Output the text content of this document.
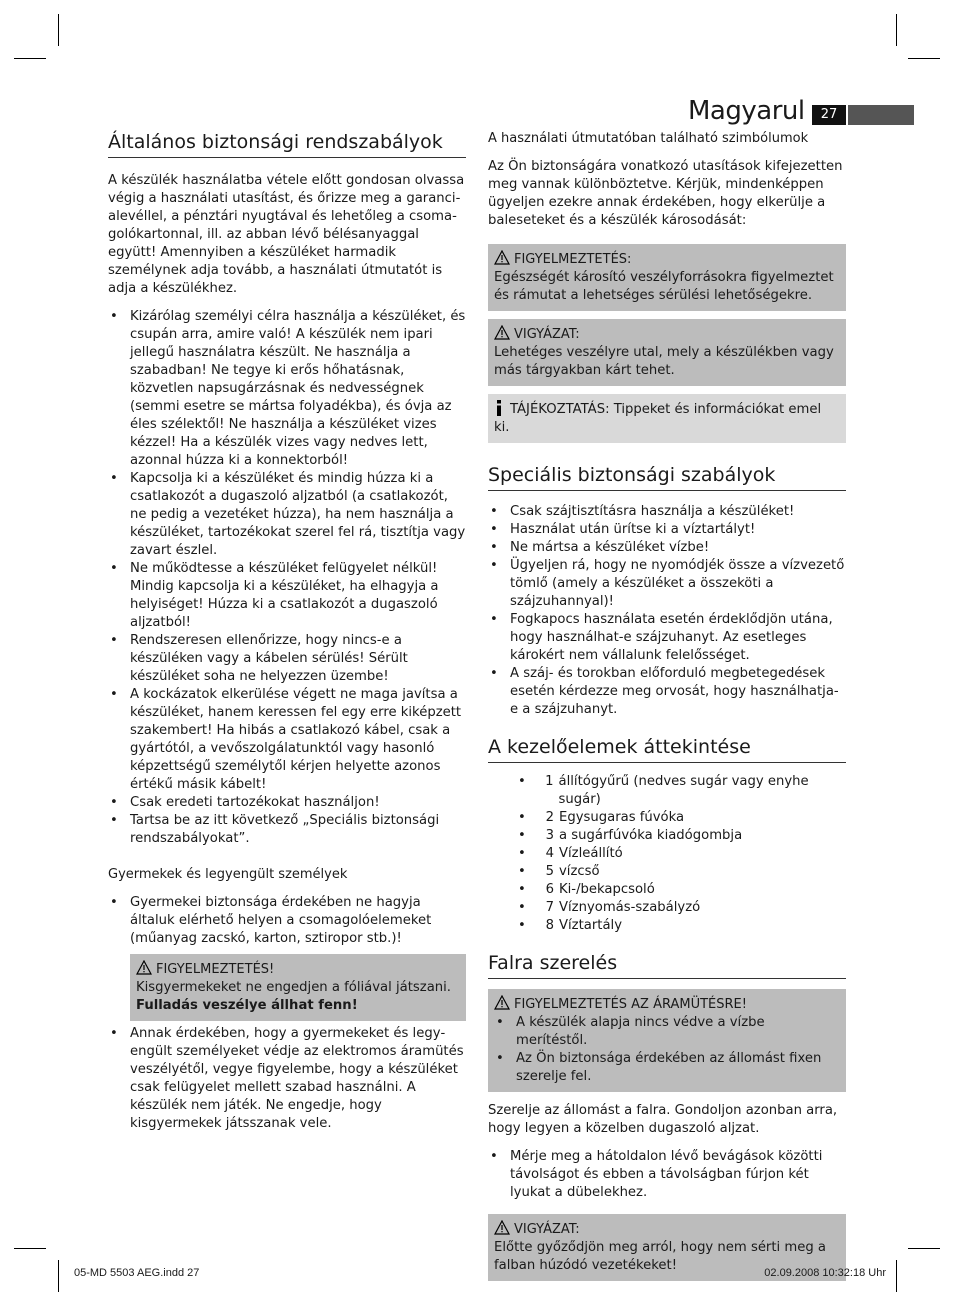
Magyarul	27
Általános biztonsági rendszabályok

A készülék használatba vétele előtt gondosan olvassa végig a használati utasítást, és őrizze meg a garancialevéllel, a pénztári nyugtával és lehetőleg a csomagolókartonnal, ill. az abban lévő bélésanyaggal együtt! Amennyiben a készüléket harmadik személynek adja tovább, a használati útmutatót is adja a készülékhez.

• Kizárólag személyi célra használja a készüléket, és csupán arra, amire való! A készülék nem ipari jellegű használatra készült. Ne használja a szabadban! Ne tegye ki erős hőhatásnak, közvetlen napsugárzásnak és nedvességnek (semmi esetre se mártsa folyadékba), és óvja az éles szélektől! Ne használja a készüléket vizes kézzel! Ha a készülék vizes vagy nedves lett, azonnal húzza ki a konnektorból!
• Kapcsolja ki a készüléket és mindig húzza ki a csatlakozót a dugaszoló aljzatból (a csatlakozót, ne pedig a vezetéket húzza), ha nem használja a készüléket, tartozékokat szerel fel rá, tisztítja vagy zavart észlel.
• Ne működtesse a készüléket felügyelet nélkül! Mindig kapcsolja ki a készüléket, ha elhagyja a helyiséget! Húzza ki a csatlakozót a dugaszoló aljzatból!
• Rendszeresen ellenőrizze, hogy nincs-e a készüléken vagy a kábelen sérülés! Sérült készüléket soha ne helyezzen üzembe!
• A kockázatok elkerülése végett ne maga javítsa a készüléket, hanem keressen fel egy erre kiképzett szakembert! Ha hibás a csatlakozó kábel, csak a gyártótól, a vevőszolgálatunktól vagy hasonló képzettségű személytől kérjen helyette azonos értékű másik kábelt!
• Csak eredeti tartozékokat használjon!
• Tartsa be az itt következő „Speciális biztonsági rendszabályokat”.
Gyermekek és legyengült személyek
• Gyermekei biztonsága érdekében ne hagyja általuk elérhető helyen a csomagolóelemeket (műanyag zacskó, karton, sztiropor stb.)!
FIGYELMEZTETÉS!
Kisgyermekeket ne engedjen a fóliával játszani.
Fulladás veszélye állhat fenn!
• Annak érdekében, hogy a gyermekeket és legyengült személyeket védje az elektromos áramütés veszélyétől, vegye figyelembe, hogy a készüléket csak felügyelet mellett szabad használni. A készülék nem játék. Ne engedje, hogy kisgyermekek játsszanak vele.
A használati útmutatóban található szimbólumok

Az Ön biztonságára vonatkozó utasítások kifejezetten meg vannak különböztetve. Kérjük, mindenképpen ügyeljen ezekre annak érdekében, hogy elkerülje a baleseteket és a készülék károsodását:

FIGYELMEZTETÉS:
Egészségét károsító veszélyforrásokra figyelmeztet és rámutat a lehetséges sérülési lehetőségekre.
VIGYÁZAT:
Lehetéges veszélyre utal, mely a készülékben vagy más tárgyakban kárt tehet.
TÁJÉKOZTATÁS: Tippeket és információkat emel ki.
Speciális biztonsági szabályok
• Csak szájtisztításra használja a készüléket!
• Használat után ürítse ki a víztartályt!
• Ne mártsa a készüléket vízbe!
• Ügyeljen rá, hogy ne nyomódjék össze a vízvezető tömlő (amely a készüléket a összeköti a szájzuhannyal)!
• Fogkapocs használata esetén érdeklődjön utána, hogy használhat-e szájzuhanyt. Az esetleges károkért nem vállalunk felelősséget.
• A száj- és torokban előforduló megbetegedések esetén kérdezze meg orvosát, hogy használhatja-e a szájzuhanyt.
A kezelőelemek áttekintése
• 1 állítógyűrű (nedves sugár vagy enyhe sugár)
• 2 Egysugaras fúvóka
• 3 a sugárfúvóka kiadógombja
• 4 Vízleállító
• 5 vízcső
• 6 Ki-/bekapcsoló
• 7 Víznyomás-szabályzó
• 8 Víztartály
Falra szerelés
FIGYELMEZTETÉS AZ ÁRAMÜTÉSRE!
• A készülék alapja nincs védve a vízbe merítéstől.
• Az Ön biztonsága érdekében az állomást fixen szerelje fel.

Szerelje az állomást a falra. Gondoljon azonban arra, hogy legyen a közelben dugaszoló aljzat.

• Mérje meg a hátoldalon lévő bevágások közötti távolságot és ebben a távolságban fúrjon két lyukat a dübelekhez.
VIGYÁZAT:
Előtte győződjön meg arról, hogy nem sérti meg a falban húzódó vezetékeket!
05-MD 5503 AEG.indd 27	02.09.2008 10:32:18 Uhr
